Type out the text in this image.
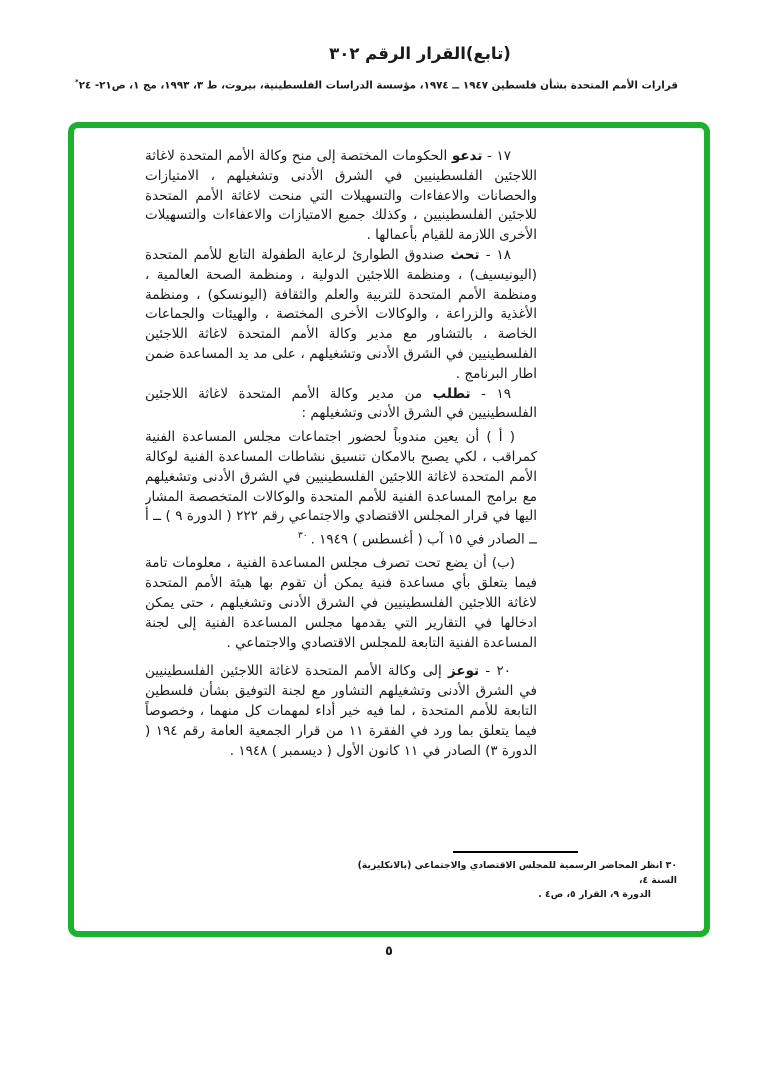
(تابع)القرار الرقم ٣٠٢
قرارات الأمم المتحدة بشأن فلسطين ١٩٤٧ ــ ١٩٧٤، مؤسسة الدراسات الفلسطينية، بيروت، ط ٣، ١٩٩٣، مج ١، ص٢١- ٢٤*

١٧ - تدعو الحكومات المختصة إلى منح وكالة الأمم المتحدة لاغاثة اللاجئين الفلسطينيين في الشرق الأدنى وتشغيلهم ، الامتيازات والحصانات والاعفاءات والتسهيلات التي منحت لاغاثة الأمم المتحدة للاجئين الفلسطينيين ، وكذلك جميع الامتيازات والاعفاءات والتسهيلات الأخرى اللازمة للقيام بأعمالها .

١٨ - تحث صندوق الطوارئ لرعاية الطفولة التابع للأمم المتحدة (اليونيسيف) ، ومنظمة اللاجئين الدولية ، ومنظمة الصحة العالمية ، ومنظمة الأمم المتحدة للتربية والعلم والثقافة (اليونسكو) ، ومنظمة الأغذية والزراعة ، والوكالات الأخرى المختصة ، والهيئات والجماعات الخاصة ، بالتشاور مع مدير وكالة الأمم المتحدة لاغاثة اللاجئين الفلسطينيين في الشرق الأدنى وتشغيلهم ، على مد يد المساعدة ضمن اطار البرنامج .

١٩ - تطلب من مدير وكالة الأمم المتحدة لاغاثة اللاجئين الفلسطينيين في الشرق الأدنى وتشغيلهم :

( أ ) أن يعين مندوباً لحضور اجتماعات مجلس المساعدة الفنية كمراقب ، لكي يصبح بالامكان تنسيق نشاطات المساعدة الفنية لوكالة الأمم المتحدة لاغاثة اللاجئين الفلسطينيين في الشرق الأدنى وتشغيلهم مع برامج المساعدة الفنية للأمم المتحدة والوكالات المتخصصة المشار اليها في قرار المجلس الاقتصادي والاجتماعي رقم ٢٢٢ ( الدورة ٩ ) ــ أ ــ الصادر في ١٥ آب ( أغسطس ) ١٩٤٩ .$^{٣٠}$

(ب) أن يضع تحت تصرف مجلس المساعدة الفنية ، معلومات تامة فيما يتعلق بأي مساعدة فنية يمكن أن تقوم بها هيئة الأمم المتحدة لاغاثة اللاجئين الفلسطينيين في الشرق الأدنى وتشغيلهم ، حتى يمكن ادخالها في التقارير التي يقدمها مجلس المساعدة الفنية إلى لجنة المساعدة الفنية التابعة للمجلس الاقتصادي والاجتماعي .

٢٠ - توعز إلى وكالة الأمم المتحدة لاغاثة اللاجئين الفلسطينيين في الشرق الأدنى وتشغيلهم التشاور مع لجنة التوفيق بشأن فلسطين التابعة للأمم المتحدة ، لما فيه خير أداء لمهمات كل منهما ، وخصوصاً فيما يتعلق بما ورد في الفقرة ١١ من قرار الجمعية العامة رقم ١٩٤ ( الدورة ٣) الصادر في ١١ كانون الأول ( ديسمبر ) ١٩٤٨ .

٣٠ انظر المحاضر الرسمية للمجلس الاقتصادي والاجتماعي (بالانكليزية) السنة ٤،
الدورة ٩، القرار ٥، ص٤ .
٥
